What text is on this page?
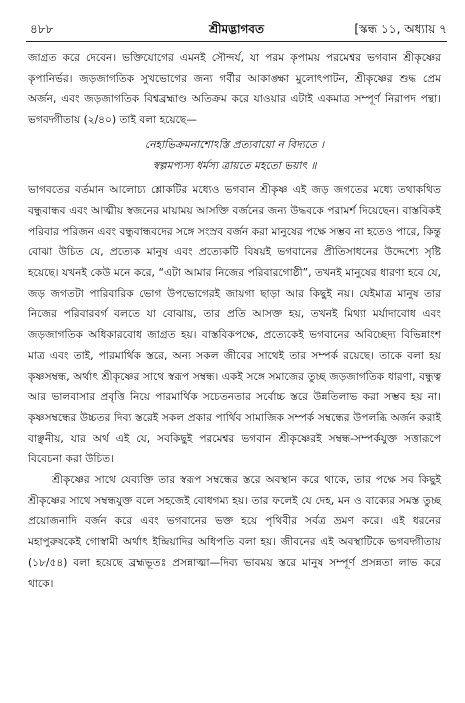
৪৮৮	শ্রীমদ্ভাগবত	[স্কন্ধ ১১, অধ্যায় ৭

জাগ্রত করে দেবেন। ভক্তিযোগের এমনই সৌন্দর্য, যা পরম কৃপাময় পরমেশ্বর ভগবান শ্রীকৃষ্ণের কৃপানির্ভর। জড়জাগতিক সুখভোগের জন্য গর্বীর আকাঙ্ক্ষা মুলোৎপাটন, শ্রীকৃষ্ণের শুদ্ধ প্রেম অর্জন, এবং জড়জাগতিক বিশ্বব্রহ্মাণ্ড অতিক্রম করে যাওয়ার এটাই একমাত্র সম্পূর্ণ নিরাপদ পন্থা। ভগবদ্গীতায় (২/৪০) তাই বলা হয়েছে—

নেহাভিক্রমনাশোঽস্তি প্রত্যবায়ো ন বিদ্যতে ।
স্বল্পমপ্যস্য ধর্মস্য ত্রায়তে মহতো ভয়াৎ ॥

ভাগবতের বর্তমান আলোচ্য শ্লোকটির মধ্যেও ভগবান শ্রীকৃষ্ণ এই জড় জগতের মধ্যে তথাকথিত বন্ধুবান্ধব এবং আত্মীয় স্বজনের মায়াময় আসক্তি বর্জনের জন্য উদ্ধবকে পরামর্শ দিয়েছেন। বাস্তবিকই পরিবার পরিজন এবং বন্ধুবান্ধবদের সঙ্গে সংস্রব বর্জন করা মানুষের পক্ষে সম্ভব না হতেও পারে, কিন্তু বোঝা উচিত যে, প্রত্যেক মানুষ এবং প্রত্যেকটি বিষয়ই ভগবানের প্রীতিসাধনের উদ্দেশ্যে সৃষ্টি হয়েছে। যখনই কেউ মনে করে, “এটা আমার নিজের পরিবারগোষ্ঠী”, তখনই মানুষের ধারণা হবে যে, জড় জগতটা পারিবারিক ভোগ উপভোগেরই জায়গা ছাড়া আর কিছুই নয়। যেইমাত্র মানুষ তার নিজের পরিবারবর্গ বলতে যা বোঝায়, তার প্রতি আসক্ত হয়, তখনই মিথ্যা মর্যাদাবোধ এবং জড়জাগতিক অধিকারবোধ জাগ্রত হয়। বাস্তবিকপক্ষে, প্রত্যেকেই ভগবানের অবিচ্ছেদ্য বিভিন্নাংশ মাত্র এবং তাই, পারমার্থিক স্তরে, অন্য সকল জীবের সাথেই তার সম্পর্ক রয়েছে। তাকে বলা হয় কৃষ্ণসম্বন্ধ, অর্থাৎ শ্রীকৃষ্ণের সাথে স্বরূপ সম্বন্ধ। একই সঙ্গে সমাজের তুচ্ছ জড়জাগতিক ধারণা, বন্ধুত্ব আর ভালবাসার প্রবৃত্তি নিয়ে পারমার্থিক সচেতনতার সর্বোচ্চ স্তরে উন্নতিলাভ করা সম্ভব হয় না। কৃষ্ণসম্বন্ধের উচ্চতর দিব্য স্তরেই সকল প্রকার পার্থিব সামাজিক সম্পর্ক সম্বন্ধের উপলব্ধি অর্জন করাই বাঞ্ছনীয়, যার অর্থ এই যে, সবকিছুই পরমেশ্বর ভগবান শ্রীকৃষ্ণেরই সম্বন্ধ-সম্পর্কযুক্ত সত্তারূপে বিবেচনা করা উচিত।

শ্রীকৃষ্ণের সাথে যেব্যক্তি তার স্বরূপ সম্বন্ধের স্তরে অবস্থান করে থাকে, তার পক্ষে সব কিছুই শ্রীকৃষ্ণের সাথে সম্বন্ধযুক্ত বলে সহজেই বোধগম্য হয়। তার ফলেই যে দেহ, মন ও বাক্যের সমস্ত তুচ্ছ প্রয়োজনাদি বর্জন করে এবং ভগবানের ভক্ত হয়ে পৃথিবীর সর্বত্র ভ্রমণ করে। এই ধরনের মহাপুরুষকেই গোস্বামী অর্থাৎ ইন্দ্রিয়াদির অধিপতি বলা হয়। জীবনের এই অবস্থাটিকে ভগবদ্গীতায় (১৮/৫৪) বলা হয়েছে ব্রহ্মভূতঃ প্রসন্নাত্মা—দিব্য ভাবময় স্তরে মানুষ সম্পূর্ণ প্রসন্নতা লাভ করে থাকে।
